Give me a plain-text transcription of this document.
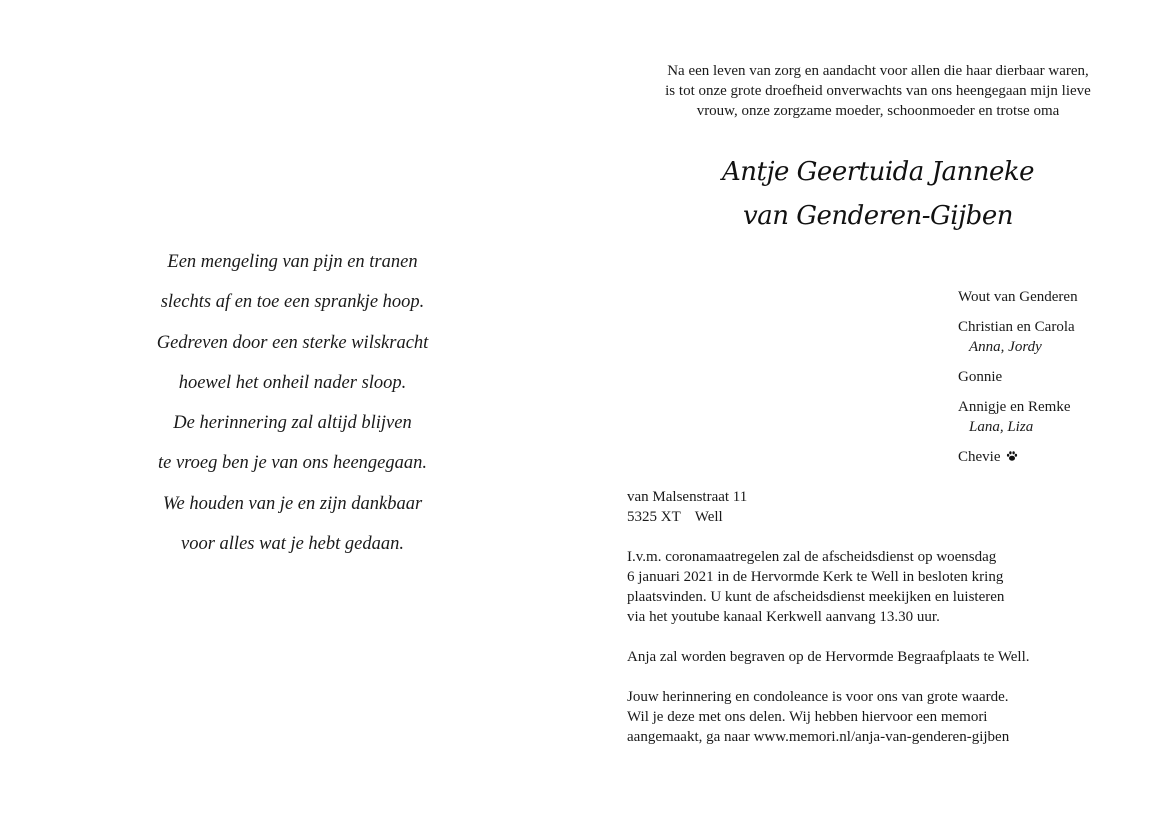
Een mengeling van pijn en tranen
slechts af en toe een sprankje hoop.
Gedreven door een sterke wilskracht
hoewel het onheil nader sloop.
De herinnering zal altijd blijven
te vroeg ben je van ons heengegaan.
We houden van je en zijn dankbaar
voor alles wat je hebt gedaan.
Na een leven van zorg en aandacht voor allen die haar dierbaar waren,
is tot onze grote droefheid onverwachts van ons heengegaan mijn lieve
vrouw, onze zorgzame moeder, schoonmoeder en trotse oma
Antje Geertuida Janneke
van Genderen-Gijben
Wout van Genderen
Christian en Carola
Anna, Jordy
Gonnie
Annigje en Remke
Lana, Liza
Chevie
van Malsenstraat 11
5325 XT Well
I.v.m. coronamaatregelen zal de afscheidsdienst op woensdag
6 januari 2021 in de Hervormde Kerk te Well in besloten kring
plaatsvinden. U kunt de afscheidsdienst meekijken en luisteren
via het youtube kanaal Kerkwell aanvang 13.30 uur.
Anja zal worden begraven op de Hervormde Begraafplaats te Well.
Jouw herinnering en condoleance is voor ons van grote waarde.
Wil je deze met ons delen. Wij hebben hiervoor een memori
aangemaakt, ga naar www.memori.nl/anja-van-genderen-gijben
